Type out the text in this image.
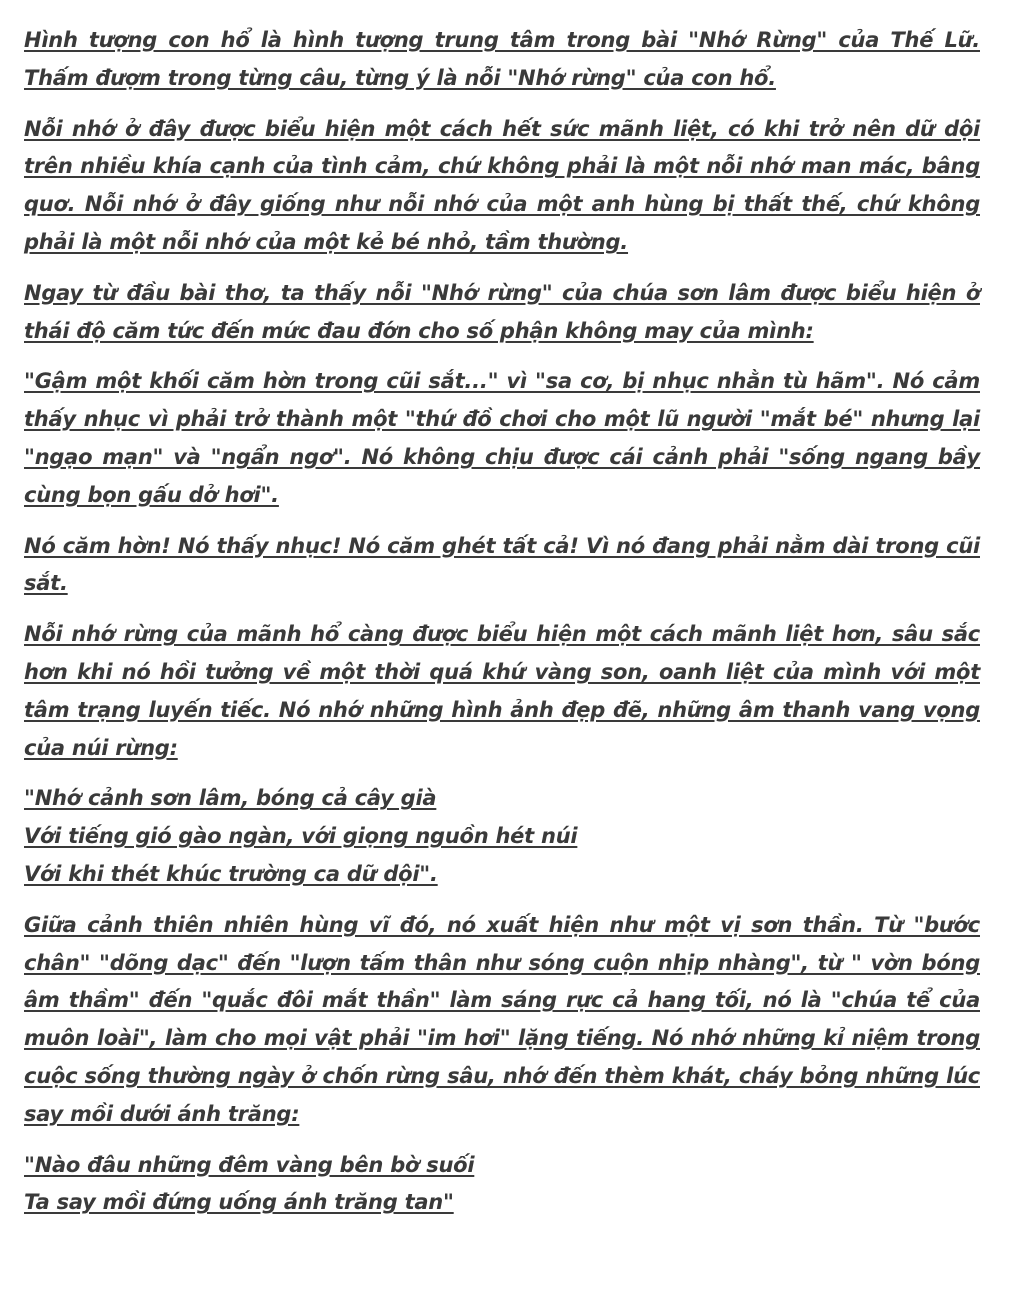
Hình tượng con hổ là hình tượng trung tâm trong bài "Nhớ Rừng" của Thế Lữ. Thấm đượm trong từng câu, từng ý là nỗi "Nhớ rừng" của con hổ.

Nỗi nhớ ở đây được biểu hiện một cách hết sức mãnh liệt, có khi trở nên dữ dội trên nhiều khía cạnh của tình cảm, chứ không phải là một nỗi nhớ man mác, bâng quơ. Nỗi nhớ ở đây giống như nỗi nhớ của một anh hùng bị thất thế, chứ không phải là một nỗi nhớ của một kẻ bé nhỏ, tầm thường.

Ngay từ đầu bài thơ, ta thấy nỗi "Nhớ rừng" của chúa sơn lâm được biểu hiện ở thái độ căm tức đến mức đau đớn cho số phận không may của mình:

"Gậm một khối căm hờn trong cũi sắt..." vì "sa cơ, bị nhục nhằn tù hãm". Nó cảm thấy nhục vì phải trở thành một "thứ đồ chơi cho một lũ người "mắt bé" nhưng lại "ngạo mạn" và "ngẩn ngơ". Nó không chịu được cái cảnh phải "sống ngang bầy cùng bọn gấu dở hơi".

Nó căm hờn! Nó thấy nhục! Nó căm ghét tất cả! Vì nó đang phải nằm dài trong cũi sắt.

Nỗi nhớ rừng của mãnh hổ càng được biểu hiện một cách mãnh liệt hơn, sâu sắc hơn khi nó hồi tưởng về một thời quá khứ vàng son, oanh liệt của mình với một tâm trạng luyến tiếc. Nó nhớ những hình ảnh đẹp đẽ, những âm thanh vang vọng của núi rừng:

"Nhớ cảnh sơn lâm, bóng cả cây già
Với tiếng gió gào ngàn, với giọng nguồn hét núi
Với khi thét khúc trường ca dữ dội".

Giữa cảnh thiên nhiên hùng vĩ đó, nó xuất hiện như một vị sơn thần. Từ "bước chân" "dõng dạc" đến "lượn tấm thân như sóng cuộn nhịp nhàng", từ " vờn bóng âm thầm" đến "quắc đôi mắt thần" làm sáng rực cả hang tối, nó là "chúa tể của muôn loài", làm cho mọi vật phải "im hơi" lặng tiếng. Nó nhớ những kỉ niệm trong cuộc sống thường ngày ở chốn rừng sâu, nhớ đến thèm khát, cháy bỏng những lúc say mồi dưới ánh trăng:

"Nào đâu những đêm vàng bên bờ suối
Ta say mồi đứng uống ánh trăng tan"
